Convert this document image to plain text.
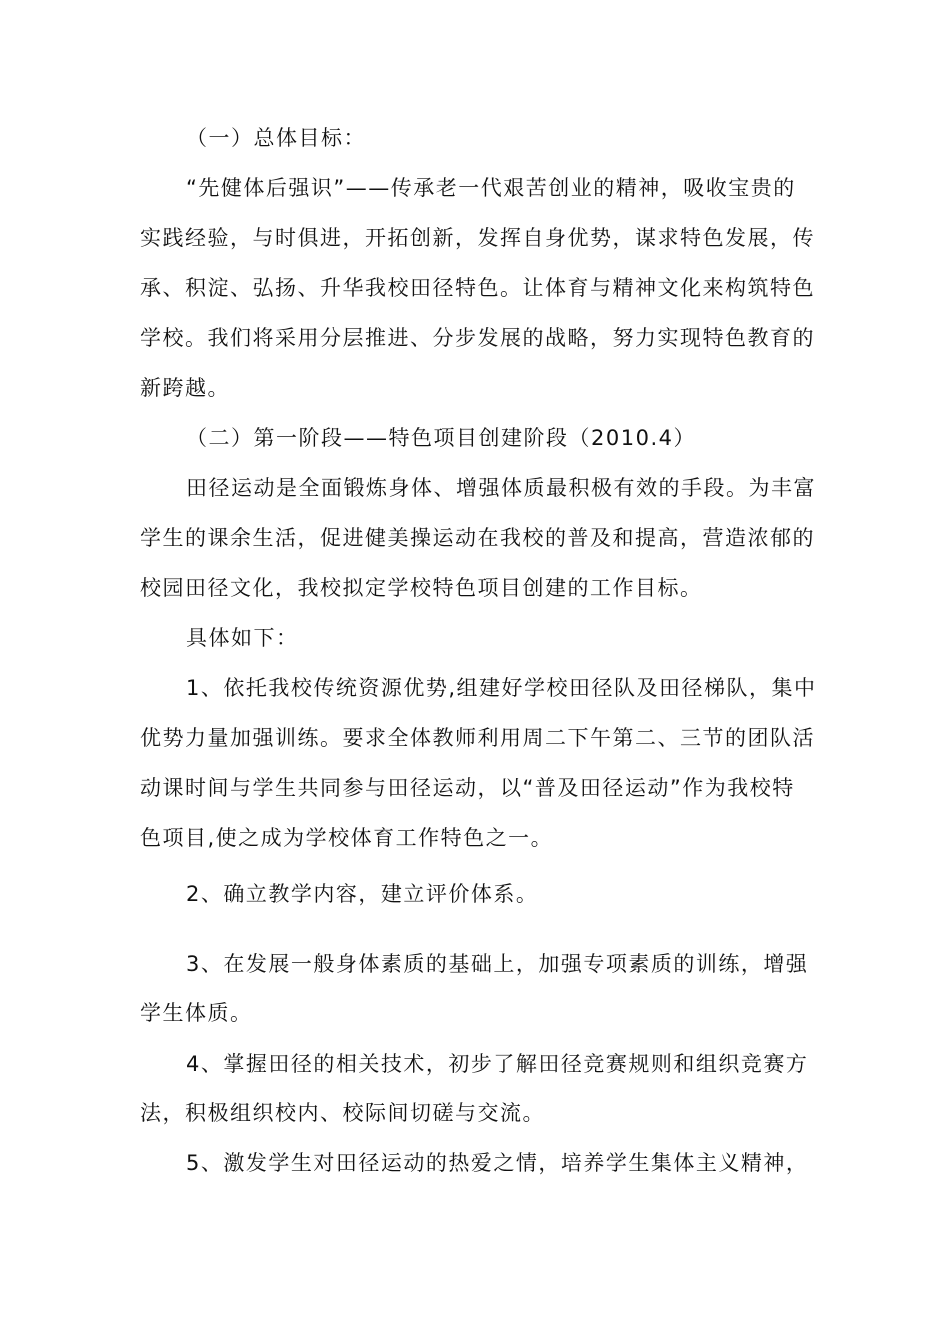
（一）总体目标：
“先健体后强识”——传承老一代艰苦创业的精神，吸收宝贵的
实践经验，与时俱进，开拓创新，发挥自身优势，谋求特色发展，传
承、积淀、弘扬、升华我校田径特色。让体育与精神文化来构筑特色
学校。我们将采用分层推进、分步发展的战略，努力实现特色教育的
新跨越。
（二）第一阶段——特色项目创建阶段（2010.4）
田径运动是全面锻炼身体、增强体质最积极有效的手段。为丰富
学生的课余生活，促进健美操运动在我校的普及和提高，营造浓郁的
校园田径文化，我校拟定学校特色项目创建的工作目标。
具体如下：
1、依托我校传统资源优势,组建好学校田径队及田径梯队，集中
优势力量加强训练。要求全体教师利用周二下午第二、三节的团队活
动课时间与学生共同参与田径运动，以“普及田径运动”作为我校特
色项目,使之成为学校体育工作特色之一。
2、确立教学内容，建立评价体系。
3、在发展一般身体素质的基础上，加强专项素质的训练，增强
学生体质。
4、掌握田径的相关技术，初步了解田径竞赛规则和组织竞赛方
法，积极组织校内、校际间切磋与交流。
5、激发学生对田径运动的热爱之情，培养学生集体主义精神，
